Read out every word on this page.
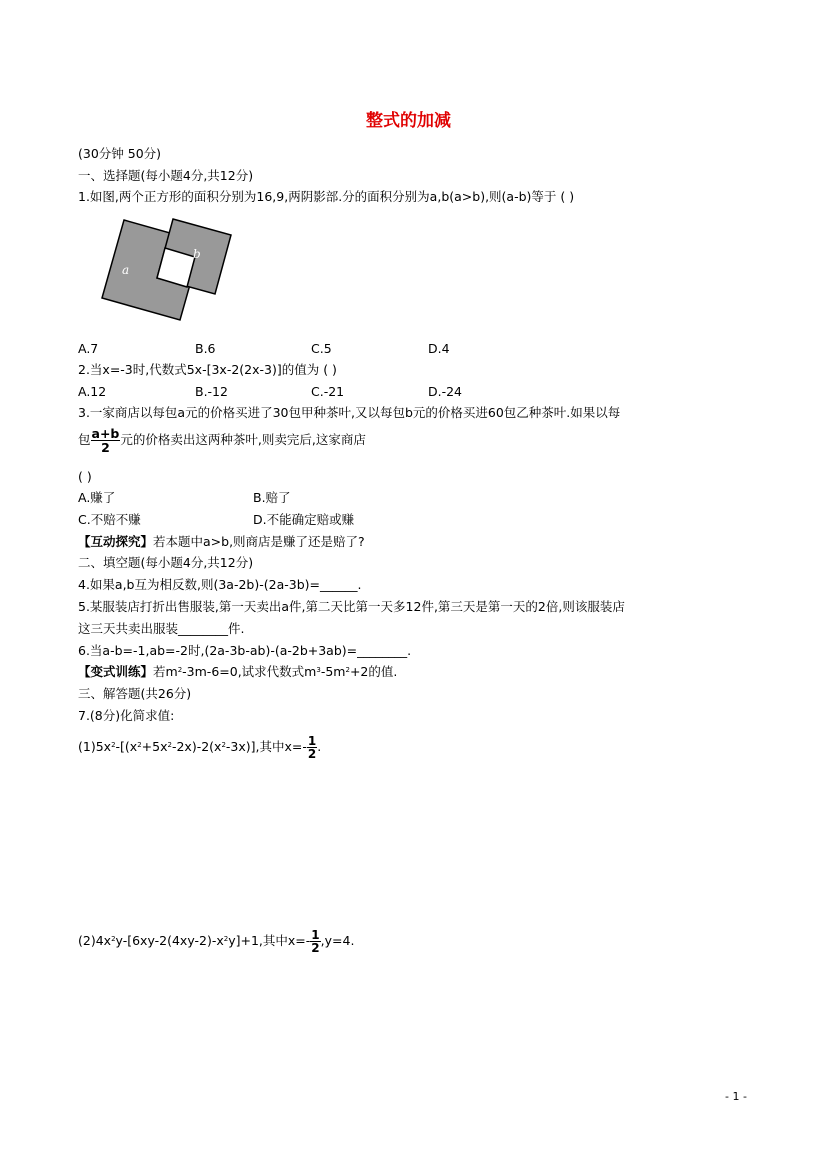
整式的加减
(30分钟 50分)
一、选择题(每小题4分,共12分)
1.如图,两个正方形的面积分别为16,9,两阴影部.分的面积分别为a,b(a>b),则(a-b)等于 ( )
a
b
A.7	B.6	C.5	D.4
2.当x=-3时,代数式5x-[3x-2(2x-3)]的值为 ( )
A.12	B.-12	C.-21	D.-24
3.一家商店以每包a元的价格买进了30包甲种茶叶,又以每包b元的价格买进60包乙种茶叶.如果以每
包 $\frac{a+b}{2}$ 元的价格卖出这两种茶叶,则卖完后,这家商店
( )
A.赚了	B.赔了
C.不赔不赚	D.不能确定赔或赚
【互动探究】若本题中a>b,则商店是赚了还是赔了?
二、填空题(每小题4分,共12分)
4.如果a,b互为相反数,则(3a-2b)-(2a-3b)=______.
5.某服装店打折出售服装,第一天卖出a件,第二天比第一天多12件,第三天是第一天的2倍,则该服装店
这三天共卖出服装________件.
6.当a-b=-1,ab=-2时,(2a-3b-ab)-(a-2b+3ab)=________.
【变式训练】若$m^2-3m-6=0$,试求代数式$m^3-5m^2+2$的值.
三、解答题(共26分)
7.(8分)化简求值:
$(1)5x^2-[(x^2+5x^2-2x)-2(x^2-3x)]$,其中$x=- \frac{1}{2}$ .
$(2)4x^2y-[6xy-2(4xy-2)-x^2y]+1$,其中$x=- \frac{1}{2} ,y=4$.
- 1 -
